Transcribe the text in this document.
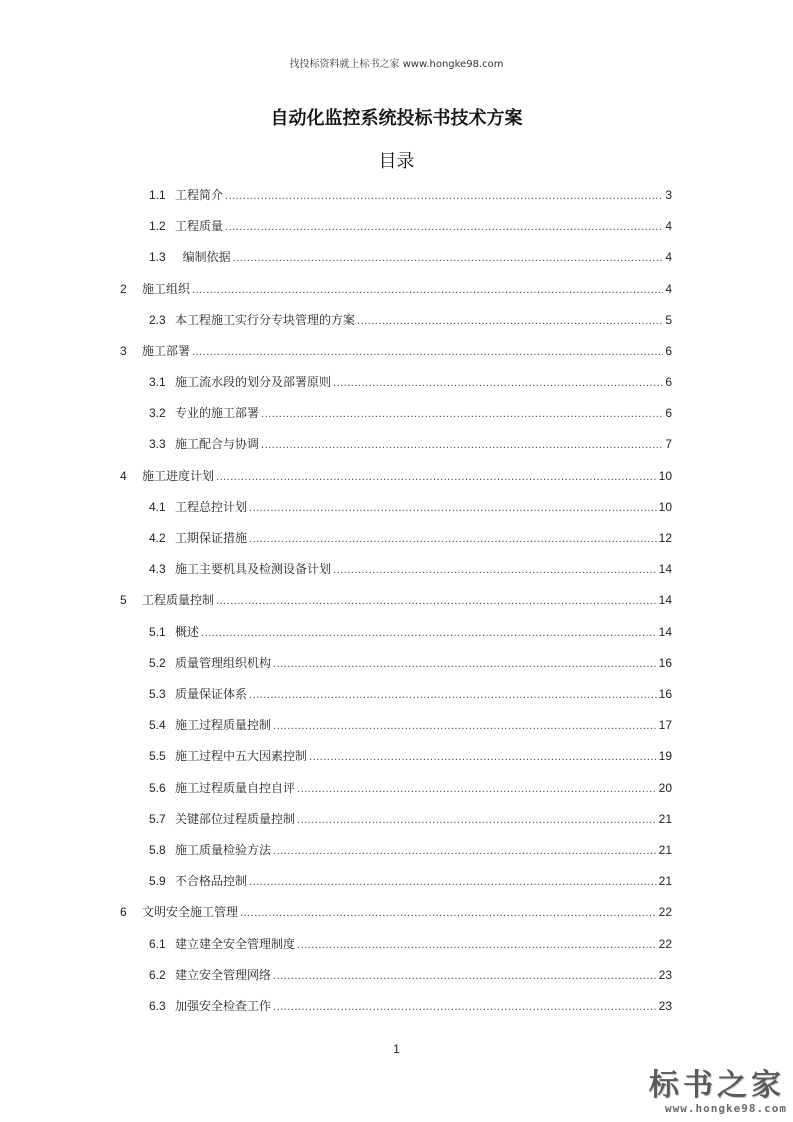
找投标资料就上标书之家 www.hongke98.com
自动化监控系统投标书技术方案
目录
1.1 工程简介 .....	3
1.2 工程质量 .....	4
1.3 编制依据 .....	4
2	施工组织 .....	4
2.3 本工程施工实行分专块管理的方案 .....	5
3	施工部署 .....	6
3.1 施工流水段的划分及部署原则 .....	6
3.2 专业的施工部署 .....	6
3.3 施工配合与协调 .....	7
4	施工进度计划 .....	10
4.1 工程总控计划 .....	10
4.2 工期保证措施 .....	12
4.3 施工主要机具及检测设备计划 .....	14
5	工程质量控制 .....	14
5.1 概述 .....	14
5.2 质量管理组织机构 .....	16
5.3 质量保证体系 .....	16
5.4 施工过程质量控制 .....	17
5.5 施工过程中五大因素控制 .....	19
5.6 施工过程质量自控自评 .....	20
5.7 关键部位过程质量控制 .....	21
5.8 施工质量检验方法 .....	21
5.9 不合格品控制 .....	21
6	文明安全施工管理 .....	22
6.1 建立建全安全管理制度 .....	22
6.2 建立安全管理网络 .....	23
6.3 加强安全检查工作 .....	23
1
标书之家
www.hongke98.com
